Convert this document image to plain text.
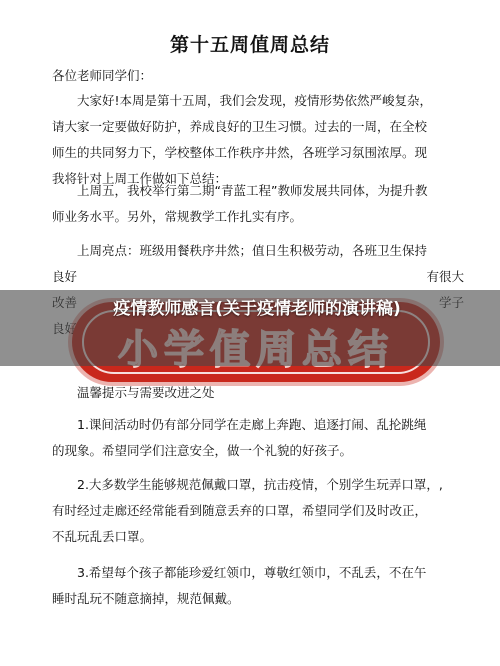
第十五周值周总结
各位老师同学们：
大家好!本周是第十五周，我们会发现，疫情形势依然严峻复杂，
请大家一定要做好防护，养成良好的卫生习惯。过去的一周，在全校
师生的共同努力下，学校整体工作秩序井然，各班学习氛围浓厚。现
我将针对上周工作做如下总结：
上周五，我校举行第二期“青蓝工程”教师发展共同体，为提升教
师业务水平。另外，常规教学工作扎实有序。
上周亮点：班级用餐秩序井然；值日生积极劳动，各班卫生保持
良好	有很大
温馨提示与需要改进之处
1.课间活动时仍有部分同学在走廊上奔跑、追逐打闹、乱抡跳绳
的现象。希望同学们注意安全，做一个礼貌的好孩子。
2.大多数学生能够规范佩戴口罩，抗击疫情，个别学生玩弄口罩，,
有时经过走廊还经常能看到随意丢弃的口罩，希望同学们及时改正，
不乱玩乱丢口罩。
3.希望每个孩子都能珍爱红领巾，尊敬红领巾，不乱丢，不在午
睡时乱玩不随意摘掉，规范佩戴。
疫情教师感言(关于疫情老师的演讲稿)
